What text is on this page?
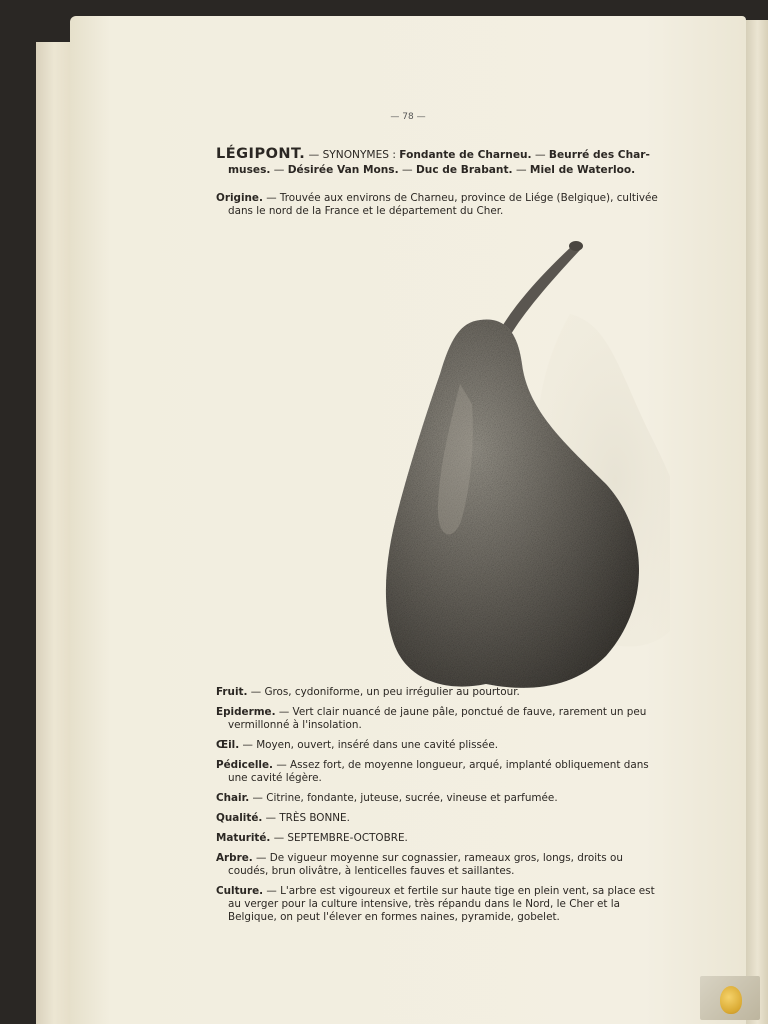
— 78 —
LÉGIPONT. — SYNONYMES : Fondante de Charneu. — Beurré des Char-
muses. — Désirée Van Mons. — Duc de Brabant. — Miel de Waterloo.
Origine. — Trouvée aux environs de Charneu, province de Liége (Belgique), cultivée
dans le nord de la France et le département du Cher.
Fruit. — Gros, cydoniforme, un peu irrégulier au pourtour.
Epiderme. — Vert clair nuancé de jaune pâle, ponctué de fauve, rarement un peu
vermillonné à l'insolation.
Œil. — Moyen, ouvert, inséré dans une cavité plissée.
Pédicelle. — Assez fort, de moyenne longueur, arqué, implanté obliquement dans
une cavité légère.
Chair. — Citrine, fondante, juteuse, sucrée, vineuse et parfumée.
Qualité. — TRÈS BONNE.
Maturité. — SEPTEMBRE-OCTOBRE.
Arbre. — De vigueur moyenne sur cognassier, rameaux gros, longs, droits ou
coudés, brun olivâtre, à lenticelles fauves et saillantes.
Culture. — L'arbre est vigoureux et fertile sur haute tige en plein vent, sa place est
au verger pour la culture intensive, très répandu dans le Nord, le Cher et la
Belgique, on peut l'élever en formes naines, pyramide, gobelet.
